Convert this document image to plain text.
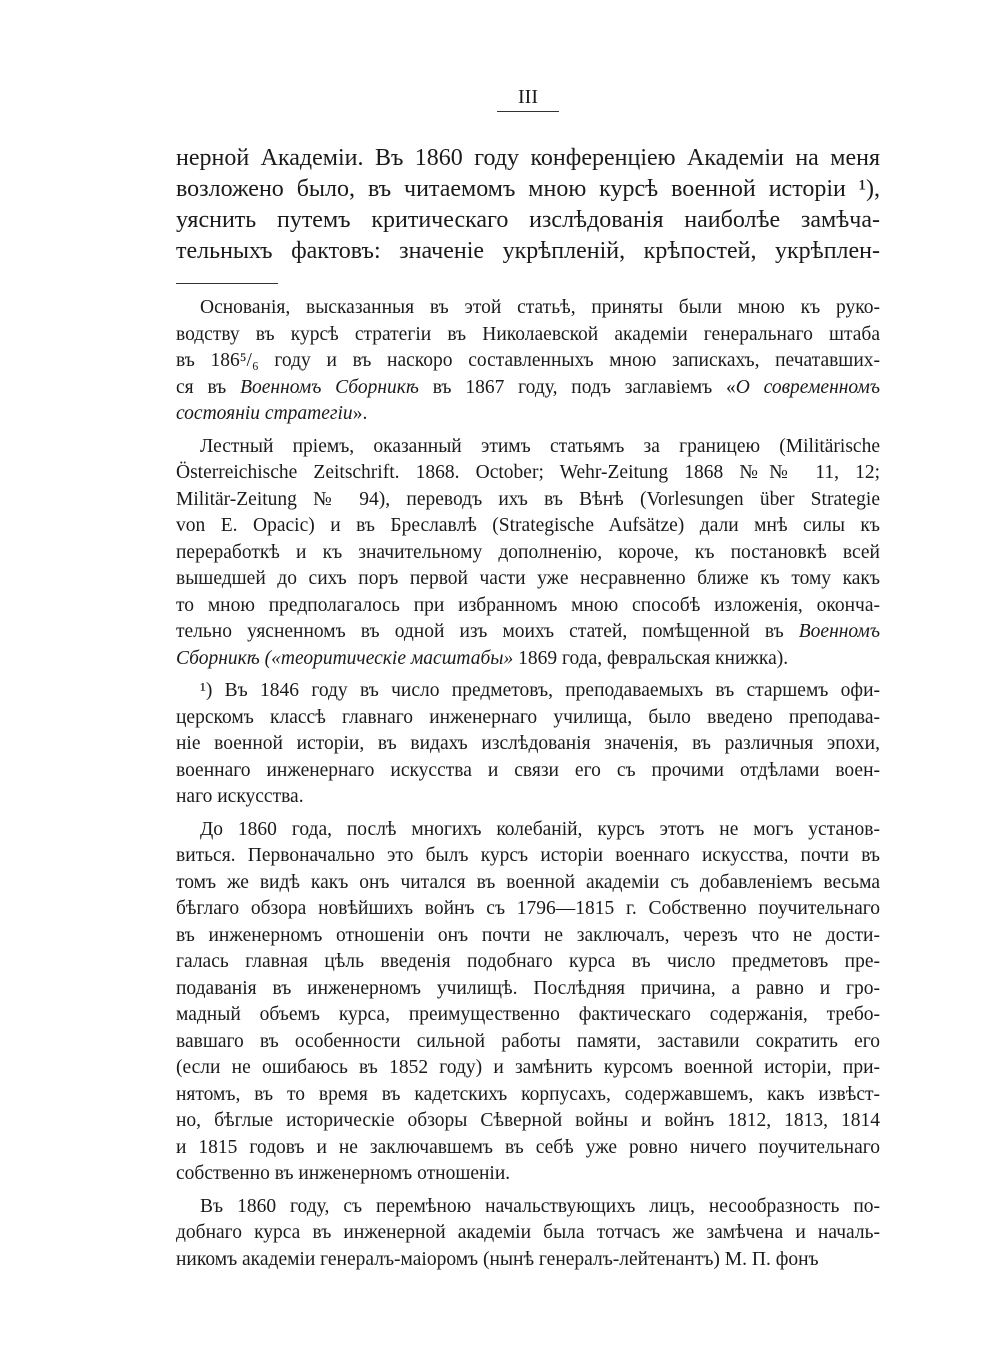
III
нерной Академіи. Въ 1860 году конференціею Академіи на меня
возложено было, въ читаемомъ мною курсѣ военной исторіи ¹),
уяснить путемъ критическаго изслѣдованія наиболѣе замѣча-
тельныхъ фактовъ: значеніе укрѣпленій, крѣпостей, укрѣплен-
Основанія, высказанныя въ этой статьѣ, приняты были мною къ руко-
водству въ курсѣ стратегіи въ Николаевской академіи генеральнаго штаба
въ 186⁵/₆ году и въ наскоро составленныхъ мною запискахъ, печатавших-
ся въ Военномъ Сборникѣ въ 1867 году, подъ заглавіемъ «О современномъ
состояніи стратегіи».
Лестный пріемъ, оказанный этимъ статьямъ за границею (Militärische
Österreichische Zeitschrift. 1868. October; Wehr-Zeitung 1868 №№ 11, 12;
Militär-Zeitung № 94), переводъ ихъ въ Вѣнѣ (Vorlesungen über Strategie
von E. Opacic) и въ Бреславлѣ (Strategische Aufsätze) дали мнѣ силы къ
переработкѣ и къ значительному дополненію, короче, къ постановкѣ всей
вышедшей до сихъ поръ первой части уже несравненно ближе къ тому какъ
то мною предполагалось при избранномъ мною способѣ изложенія, оконча-
тельно уясненномъ въ одной изъ моихъ статей, помѣщенной въ Военномъ
Сборникѣ («теоритическіе масштабы» 1869 года, февральская книжка).
¹) Въ 1846 году въ число предметовъ, преподаваемыхъ въ старшемъ офи-
церскомъ классѣ главнаго инженернаго училища, было введено преподава-
ніе военной исторіи, въ видахъ изслѣдованія значенія, въ различныя эпохи,
военнаго инженернаго искусства и связи его съ прочими отдѣлами воен-
наго искусства.
До 1860 года, послѣ многихъ колебаній, курсъ этотъ не могъ установ-
виться. Первоначально это былъ курсъ исторіи военнаго искусства, почти въ
томъ же видѣ какъ онъ читался въ военной академіи съ добавленіемъ весьма
бѣглаго обзора новѣйшихъ войнъ съ 1796—1815 г. Собственно поучительнаго
въ инженерномъ отношеніи онъ почти не заключалъ, черезъ что не дости-
галась главная цѣль введенія подобнаго курса въ число предметовъ пре-
подаванія въ инженерномъ училищѣ. Послѣдняя причина, а равно и гро-
мадный объемъ курса, преимущественно фактическаго содержанія, требо-
вавшаго въ особенности сильной работы памяти, заставили сократить его
(если не ошибаюсь въ 1852 году) и замѣнить курсомъ военной исторіи, при-
нятомъ, въ то время въ кадетскихъ корпусахъ, содержавшемъ, какъ извѣст-
но, бѣглые историческіе обзоры Сѣверной войны и войнъ 1812, 1813, 1814
и 1815 годовъ и не заключавшемъ въ себѣ уже ровно ничего поучительнаго
собственно въ инженерномъ отношеніи.
Въ 1860 году, съ перемѣною начальствующихъ лицъ, несообразность по-
добнаго курса въ инженерной академіи была тотчасъ же замѣчена и началь-
никомъ академіи генералъ-маіоромъ (нынѣ генералъ-лейтенантъ) М. П. фонъ
